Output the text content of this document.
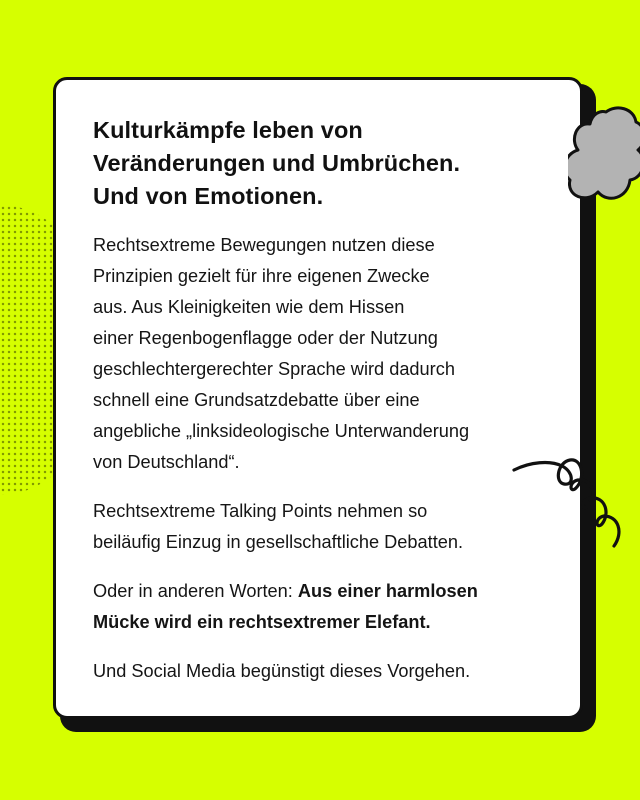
Kulturkämpfe leben von
Veränderungen und Umbrüchen.
Und von Emotionen.

Rechtsextreme Bewegungen nutzen diese
Prinzipien gezielt für ihre eigenen Zwecke
aus. Aus Kleinigkeiten wie dem Hissen
einer Regenbogenflagge oder der Nutzung
geschlechtergerechter Sprache wird dadurch
schnell eine Grundsatzdebatte über eine
angebliche „linksideologische Unterwanderung
von Deutschland“.

Rechtsextreme Talking Points nehmen so
beiläufig Einzug in gesellschaftliche Debatten.

Oder in anderen Worten: Aus einer harmlosen
Mücke wird ein rechtsextremer Elefant.

Und Social Media begünstigt dieses Vorgehen.
